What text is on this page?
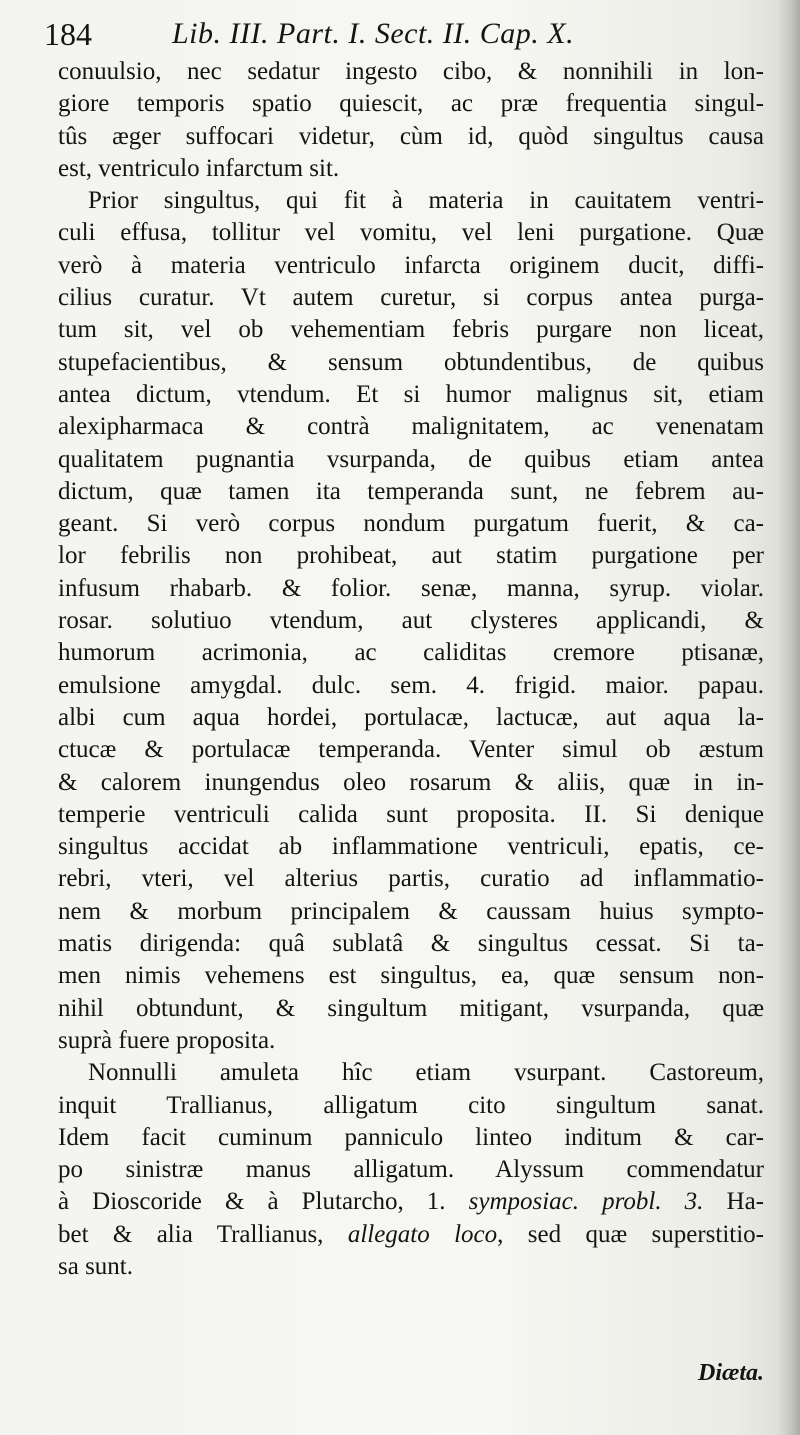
184	Lib. III. Part. I. Sect. II. Cap. X.
conuulsio, nec sedatur ingesto cibo, & nonnihili in lon-
giore temporis spatio quiescit, ac præ frequentia singul-
tûs æger suffocari videtur, cùm id, quòd singultus causa
est, ventriculo infarctum sit.
Prior singultus, qui fit à materia in cauitatem ventri-
culi effusa, tollitur vel vomitu, vel leni purgatione. Quæ
verò à materia ventriculo infarcta originem ducit, diffi-
cilius curatur. Vt autem curetur, si corpus antea purga-
tum sit, vel ob vehementiam febris purgare non liceat,
stupefacientibus, & sensum obtundentibus, de quibus
antea dictum, vtendum. Et si humor malignus sit, etiam
alexipharmaca & contrà malignitatem, ac venenatam
qualitatem pugnantia vsurpanda, de quibus etiam antea
dictum, quæ tamen ita temperanda sunt, ne febrem au-
geant. Si verò corpus nondum purgatum fuerit, & ca-
lor febrilis non prohibeat, aut statim purgatione per
infusum rhabarb. & folior. senæ, manna, syrup. violar.
rosar. solutiuo vtendum, aut clysteres applicandi, &
humorum acrimonia, ac caliditas cremore ptisanæ,
emulsione amygdal. dulc. sem. 4. frigid. maior. papau.
albi cum aqua hordei, portulacæ, lactucæ, aut aqua la-
ctucæ & portulacæ temperanda. Venter simul ob æstum
& calorem inungendus oleo rosarum & aliis, quæ in in-
temperie ventriculi calida sunt proposita. II. Si denique
singultus accidat ab inflammatione ventriculi, epatis, ce-
rebri, vteri, vel alterius partis, curatio ad inflammatio-
nem & morbum principalem & caussam huius sympto-
matis dirigenda: quâ sublatâ & singultus cessat. Si ta-
men nimis vehemens est singultus, ea, quæ sensum non-
nihil obtundunt, & singultum mitigant, vsurpanda, quæ
suprà fuere proposita.
Nonnulli amuleta hîc etiam vsurpant. Castoreum,
inquit Trallianus, alligatum cito singultum sanat.
Idem facit cuminum panniculo linteo inditum & car-
po sinistræ manus alligatum. Alyssum commendatur
à Dioscoride & à Plutarcho, 1. symposiac. probl. 3. Ha-
bet & alia Trallianus, allegato loco, sed quæ superstitio-
sa sunt.
Diæta.
